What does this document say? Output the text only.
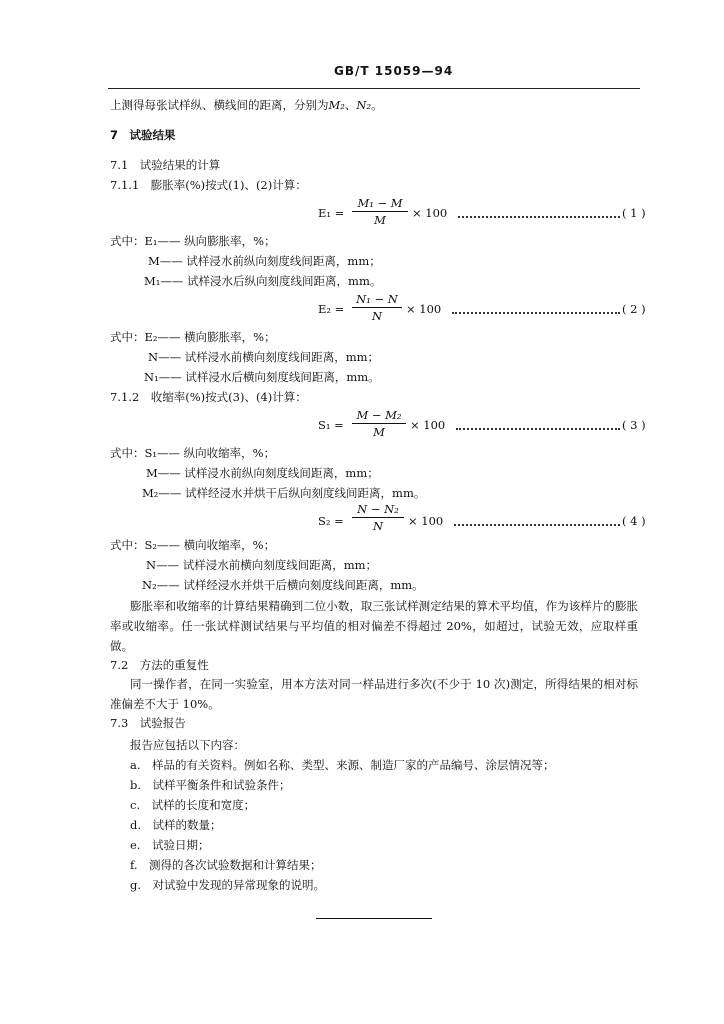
GB/T 15059—94
上测得每张试样纵、横线间的距离，分别为M₂、N₂。
7　试验结果
7.1　试验结果的计算
7.1.1　膨胀率(%)按式(1)、(2)计算：
$E_1 = \frac{\text{M₁ − M}}{M} \times 100$	( 1 )
式中：E₁—— 纵向膨胀率，%；
M—— 试样浸水前纵向刻度线间距离，mm；
M₁—— 试样浸水后纵向刻度线间距离，mm。
$E_2 = \frac{\text{N₁ − N}}{N} \times 100$	( 2 )
式中：E₂—— 横向膨胀率，%；
N—— 试样浸水前横向刻度线间距离，mm；
N₁—— 试样浸水后横向刻度线间距离，mm。
7.1.2　收缩率(%)按式(3)、(4)计算：
$S_1 = \frac{\text{M − M₂}}{M} \times 100$	( 3 )
式中：S₁—— 纵向收缩率，%；
M—— 试样浸水前纵向刻度线间距离，mm；
M₂—— 试样经浸水并烘干后纵向刻度线间距离，mm。
$S_2 = \frac{\text{N − N₂}}{N} \times 100$	( 4 )
式中：S₂—— 横向收缩率，%；
N—— 试样浸水前横向刻度线间距离，mm；
N₂—— 试样经浸水并烘干后横向刻度线间距离，mm。
膨胀率和收缩率的计算结果精确到二位小数，取三张试样测定结果的算术平均值，作为该样片的膨胀率或收缩率。任一张试样测试结果与平均值的相对偏差不得超过 20%，如超过，试验无效，应取样重做。
7.2　方法的重复性
同一操作者，在同一实验室，用本方法对同一样品进行多次(不少于 10 次)测定，所得结果的相对标准偏差不大于 10%。
7.3　试验报告
报告应包括以下内容：
a.　样品的有关资料。例如名称、类型、来源、制造厂家的产品编号、涂层情况等；
b.　试样平衡条件和试验条件；
c.　试样的长度和宽度；
d.　试样的数量；
e.　试验日期；
f.　测得的各次试验数据和计算结果；
g.　对试验中发现的异常现象的说明。
